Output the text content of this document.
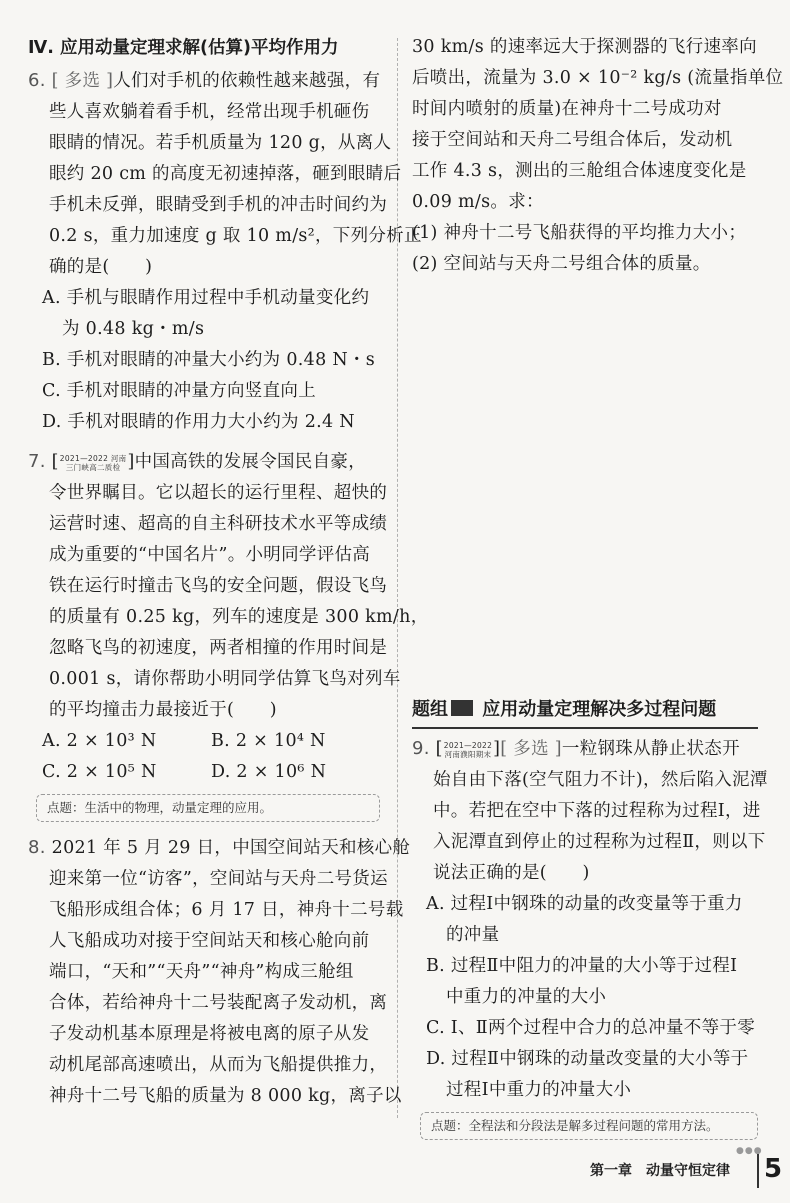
Ⅳ. 应用动量定理求解(估算)平均作用力
6. [ 多选 ]人们对手机的依赖性越来越强，有
些人喜欢躺着看手机，经常出现手机砸伤
眼睛的情况。若手机质量为 120 g，从离人
眼约 20 cm 的高度无初速掉落，砸到眼睛后
手机未反弹，眼睛受到手机的冲击时间约为
0.2 s，重力加速度 g 取 10 m/s²，下列分析正
确的是(　　)
A. 手机与眼睛作用过程中手机动量变化约
为 0.48 kg・m/s
B. 手机对眼睛的冲量大小约为 0.48 N・s
C. 手机对眼睛的冲量方向竖直向上
D. 手机对眼睛的作用力大小约为 2.4 N
7. [2021—2022 河南
三门峡高二质检 ]中国高铁的发展令国民自豪，
令世界瞩目。它以超长的运行里程、超快的
运营时速、超高的自主科研技术水平等成绩
成为重要的“中国名片”。小明同学评估高
铁在运行时撞击飞鸟的安全问题，假设飞鸟
的质量有 0.25 kg，列车的速度是 300 km/h，
忽略飞鸟的初速度，两者相撞的作用时间是
0.001 s，请你帮助小明同学估算飞鸟对列车
的平均撞击力最接近于(　　)
A. 2 × 10³ N	B. 2 × 10⁴ N
C. 2 × 10⁵ N	D. 2 × 10⁶ N
点题：生活中的物理，动量定理的应用。
8. 2021 年 5 月 29 日，中国空间站天和核心舱
迎来第一位“访客”，空间站与天舟二号货运
飞船形成组合体；6 月 17 日，神舟十二号载
人飞船成功对接于空间站天和核心舱向前
端口，“天和”“天舟”“神舟”构成三舱组
合体，若给神舟十二号装配离子发动机，离
子发动机基本原理是将被电离的原子从发
动机尾部高速喷出，从而为飞船提供推力，
神舟十二号飞船的质量为 8 000 kg，离子以
30 km/s 的速率远大于探测器的飞行速率向
后喷出，流量为 3.0 × 10⁻² kg/s (流量指单位
时间内喷射的质量)在神舟十二号成功对
接于空间站和天舟二号组合体后，发动机
工作 4.3 s，测出的三舱组合体速度变化是
0.09 m/s。求：
(1) 神舟十二号飞船获得的平均推力大小；
(2) 空间站与天舟二号组合体的质量。
题组 应用动量定理解决多过程问题
9. [2021—2022
河南濮阳期末 ][ 多选 ]一粒钢珠从静止状态开
始自由下落(空气阻力不计)，然后陷入泥潭
中。若把在空中下落的过程称为过程Ⅰ，进
入泥潭直到停止的过程称为过程Ⅱ，则以下
说法正确的是(　　)
A. 过程Ⅰ中钢珠的动量的改变量等于重力
的冲量
B. 过程Ⅱ中阻力的冲量的大小等于过程Ⅰ
中重力的冲量的大小
C. Ⅰ、Ⅱ两个过程中合力的总冲量不等于零
D. 过程Ⅱ中钢珠的动量改变量的大小等于
过程Ⅰ中重力的冲量大小
点题：全程法和分段法是解多过程问题的常用方法。
●●●
第一章　动量守恒定律 5
